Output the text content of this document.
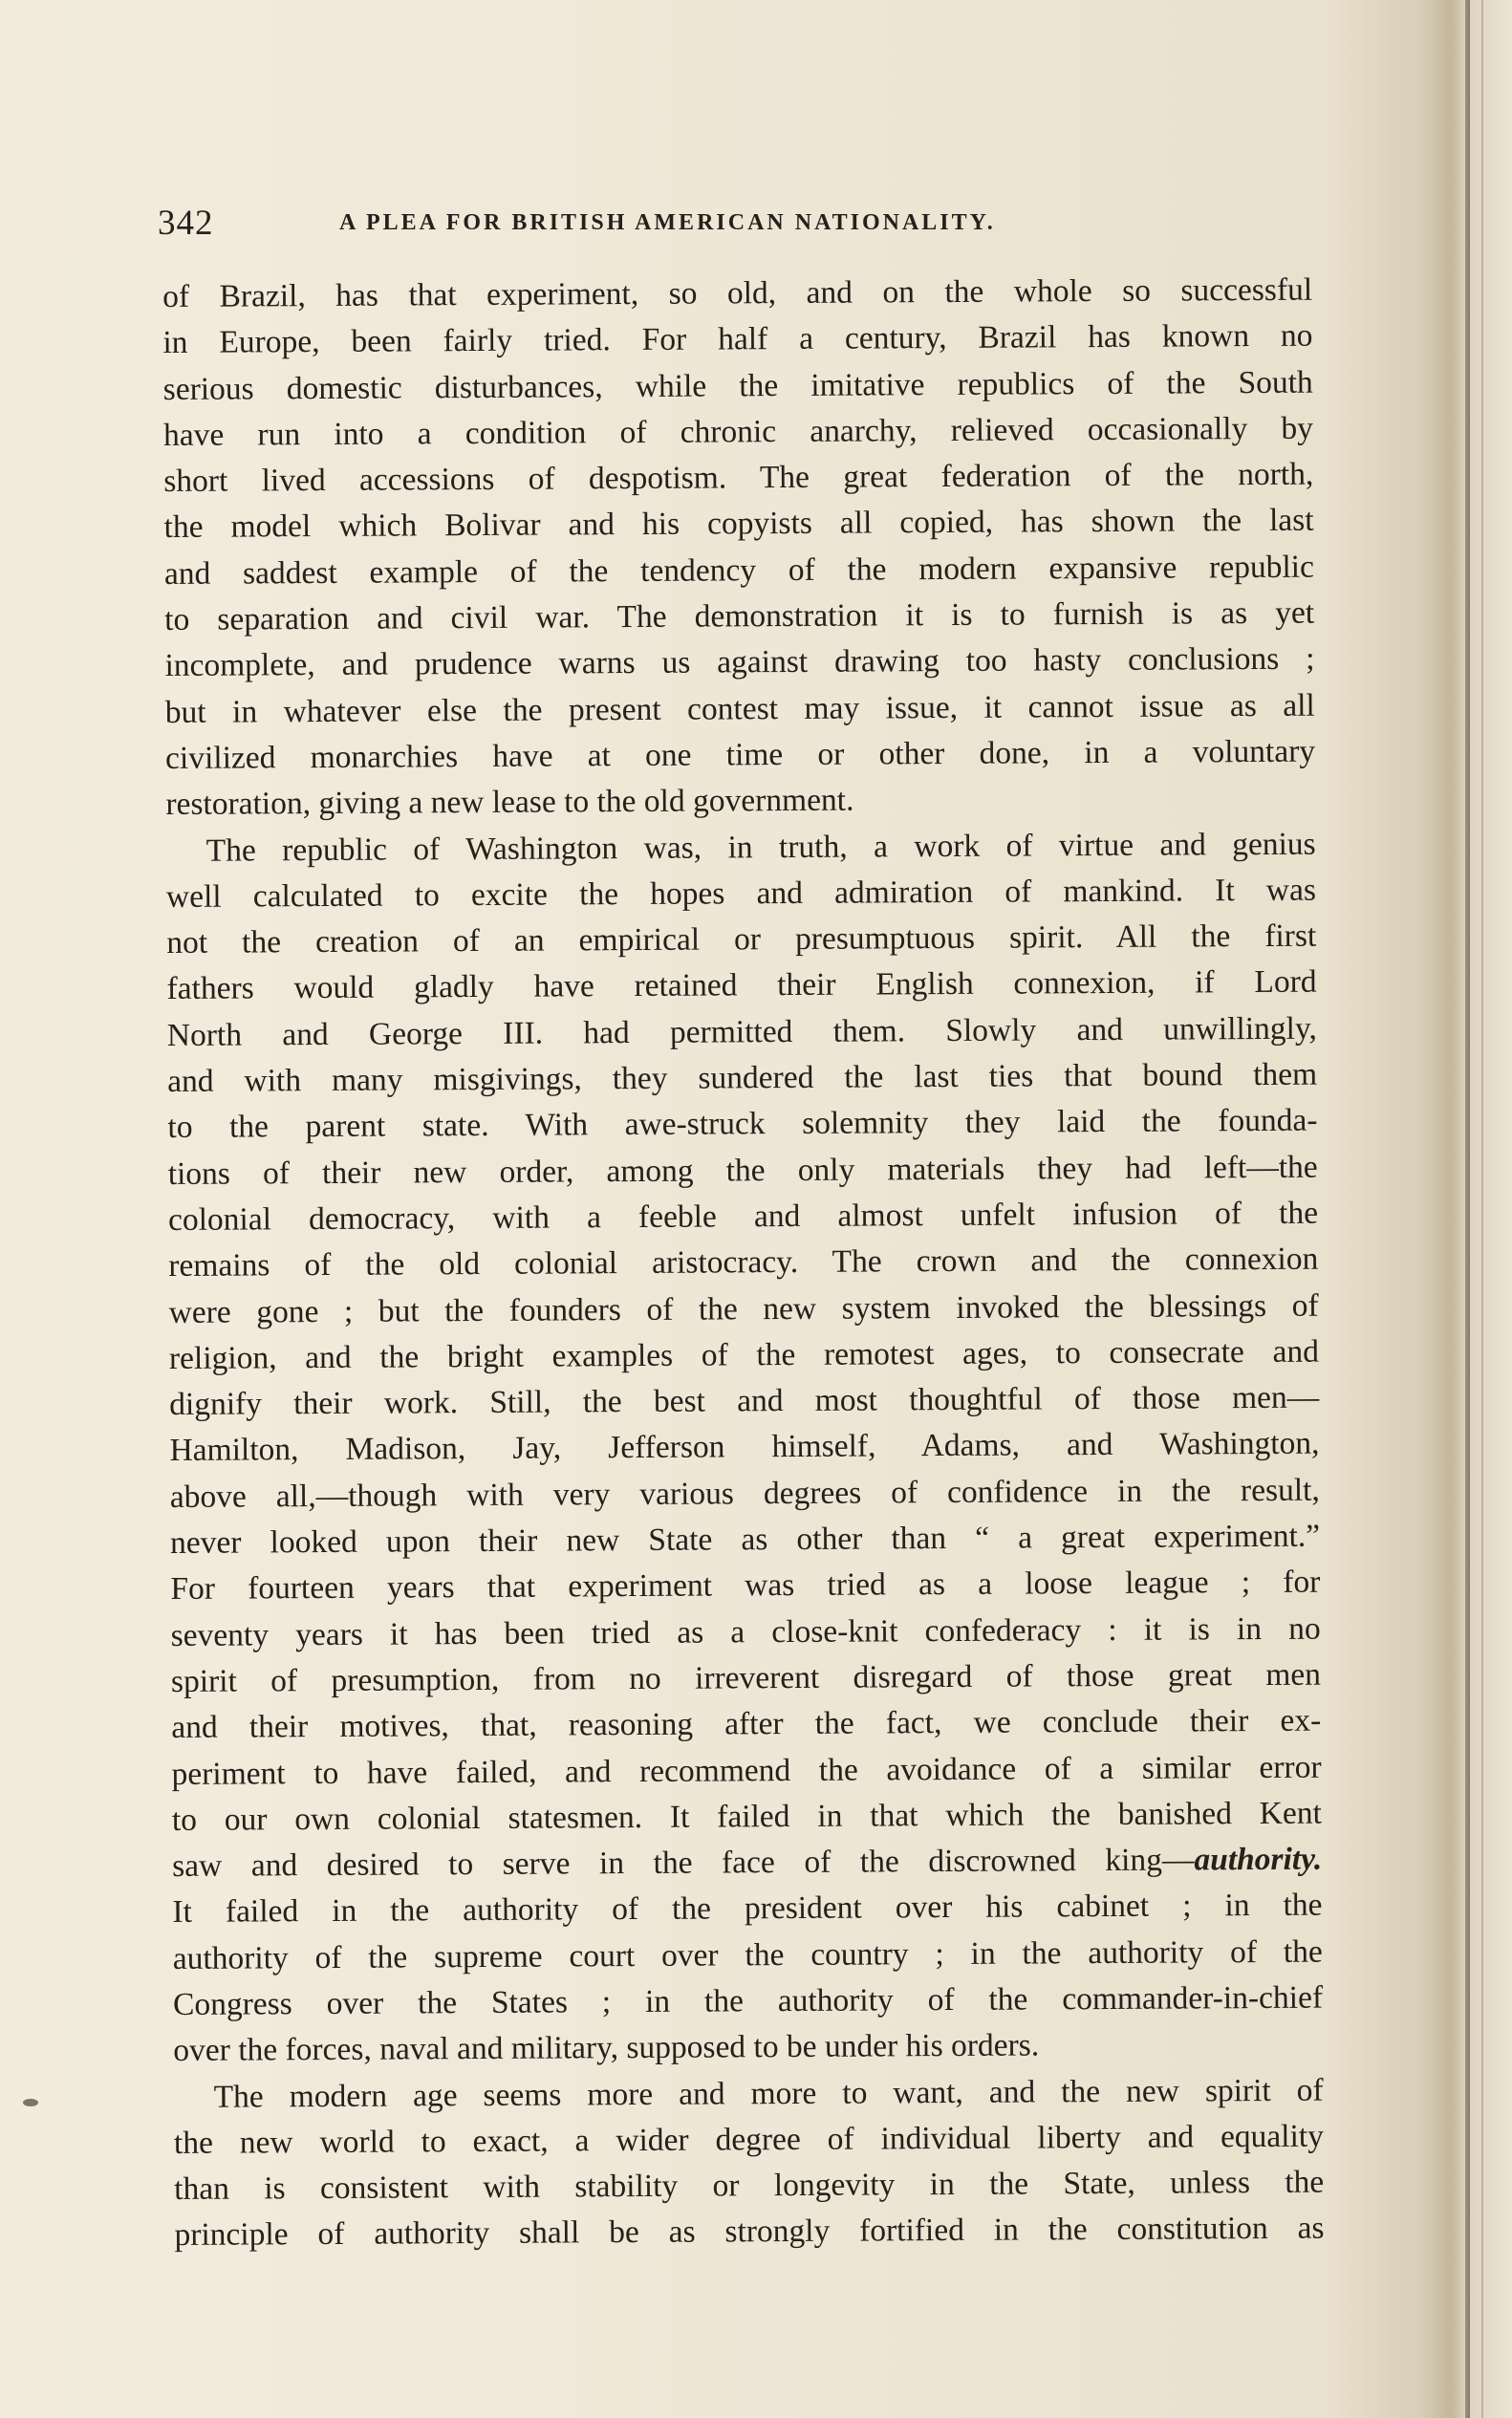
342	A PLEA FOR BRITISH AMERICAN NATIONALITY.
of Brazil, has that experiment, so old, and on the whole so successful
in Europe, been fairly tried. For half a century, Brazil has known no
serious domestic disturbances, while the imitative republics of the South
have run into a condition of chronic anarchy, relieved occasionally by
short lived accessions of despotism. The great federation of the north,
the model which Bolivar and his copyists all copied, has shown the last
and saddest example of the tendency of the modern expansive republic
to separation and civil war. The demonstration it is to furnish is as yet
incomplete, and prudence warns us against drawing too hasty conclusions ;
but in whatever else the present contest may issue, it cannot issue as all
civilized monarchies have at one time or other done, in a voluntary
restoration, giving a new lease to the old government.
The republic of Washington was, in truth, a work of virtue and genius
well calculated to excite the hopes and admiration of mankind. It was
not the creation of an empirical or presumptuous spirit. All the first
fathers would gladly have retained their English connexion, if Lord
North and George III. had permitted them. Slowly and unwillingly,
and with many misgivings, they sundered the last ties that bound them
to the parent state. With awe-struck solemnity they laid the founda-
tions of their new order, among the only materials they had left—the
colonial democracy, with a feeble and almost unfelt infusion of the
remains of the old colonial aristocracy. The crown and the connexion
were gone ; but the founders of the new system invoked the blessings of
religion, and the bright examples of the remotest ages, to consecrate and
dignify their work. Still, the best and most thoughtful of those men—
Hamilton, Madison, Jay, Jefferson himself, Adams, and Washington,
above all,—though with very various degrees of confidence in the result,
never looked upon their new State as other than “ a great experiment.”
For fourteen years that experiment was tried as a loose league ; for
seventy years it has been tried as a close-knit confederacy : it is in no
spirit of presumption, from no irreverent disregard of those great men
and their motives, that, reasoning after the fact, we conclude their ex-
periment to have failed, and recommend the avoidance of a similar error
to our own colonial statesmen. It failed in that which the banished Kent
saw and desired to serve in the face of the discrowned king—authority.
It failed in the authority of the president over his cabinet ; in the
authority of the supreme court over the country ; in the authority of the
Congress over the States ; in the authority of the commander-in-chief
over the forces, naval and military, supposed to be under his orders.
The modern age seems more and more to want, and the new spirit of
the new world to exact, a wider degree of individual liberty and equality
than is consistent with stability or longevity in the State, unless the
principle of authority shall be as strongly fortified in the constitution as
